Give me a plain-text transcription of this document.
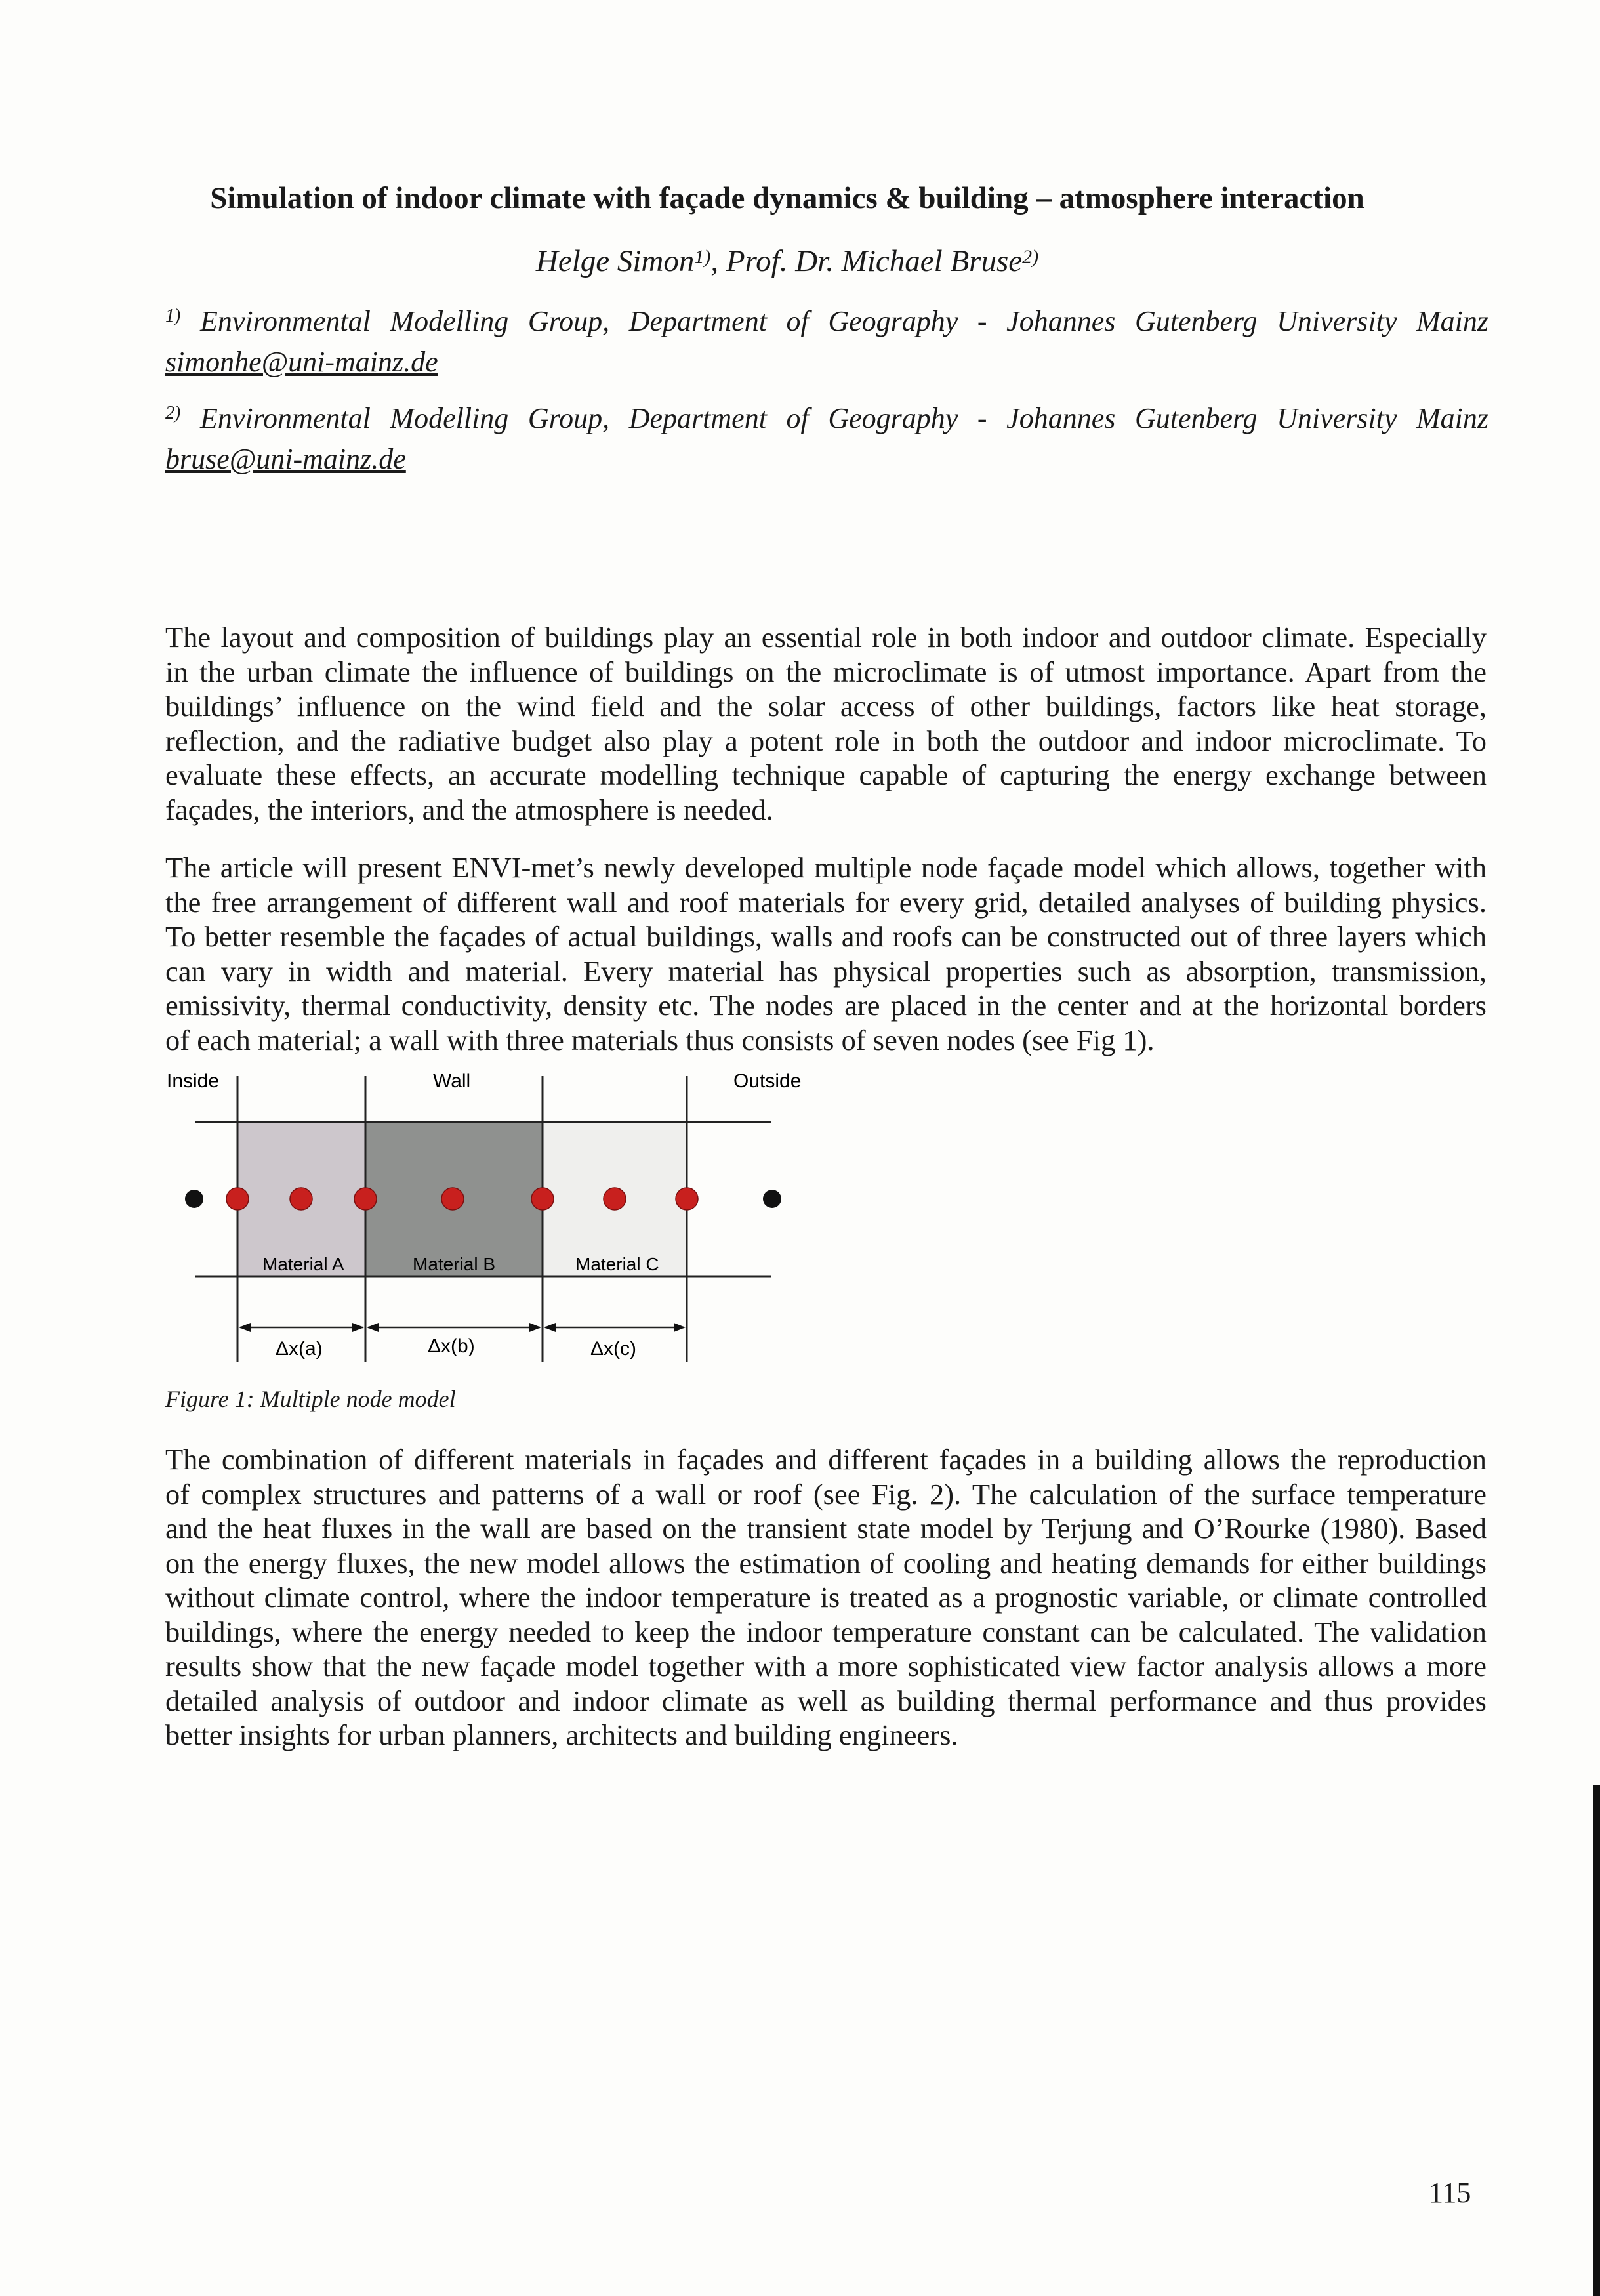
Simulation of indoor climate with façade dynamics & building – atmosphere interaction
Helge Simon$^{1)}$, Prof. Dr. Michael Bruse$^{2)}$
$^{1)}$ Environmental Modelling Group, Department of Geography - Johannes Gutenberg University Mainz
simonhe@uni-mainz.de
$^{2)}$ Environmental Modelling Group, Department of Geography - Johannes Gutenberg University Mainz
bruse@uni-mainz.de
The layout and composition of buildings play an essential role in both indoor and outdoor climate. Especially
in the urban climate the influence of buildings on the microclimate is of utmost importance. Apart from the
buildings’ influence on the wind field and the solar access of other buildings, factors like heat storage,
reflection, and the radiative budget also play a potent role in both the outdoor and indoor microclimate. To
evaluate these effects, an accurate modelling technique capable of capturing the energy exchange between
façades, the interiors, and the atmosphere is needed.
The article will present ENVI-met’s newly developed multiple node façade model which allows, together with
the free arrangement of different wall and roof materials for every grid, detailed analyses of building physics.
To better resemble the façades of actual buildings, walls and roofs can be constructed out of three layers which
can vary in width and material. Every material has physical properties such as absorption, transmission,
emissivity, thermal conductivity, density etc. The nodes are placed in the center and at the horizontal borders
of each material; a wall with three materials thus consists of seven nodes (see Fig 1).
Inside	Wall	Outside
Material A	Material B	Material C
Δx(a)	Δx(b)	Δx(c)
Figure 1: Multiple node model
The combination of different materials in façades and different façades in a building allows the reproduction
of complex structures and patterns of a wall or roof (see Fig. 2). The calculation of the surface temperature
and the heat fluxes in the wall are based on the transient state model by Terjung and O’Rourke (1980). Based
on the energy fluxes, the new model allows the estimation of cooling and heating demands for either buildings
without climate control, where the indoor temperature is treated as a prognostic variable, or climate controlled
buildings, where the energy needed to keep the indoor temperature constant can be calculated. The validation
results show that the new façade model together with a more sophisticated view factor analysis allows a more
detailed analysis of outdoor and indoor climate as well as building thermal performance and thus provides
better insights for urban planners, architects and building engineers.
115
